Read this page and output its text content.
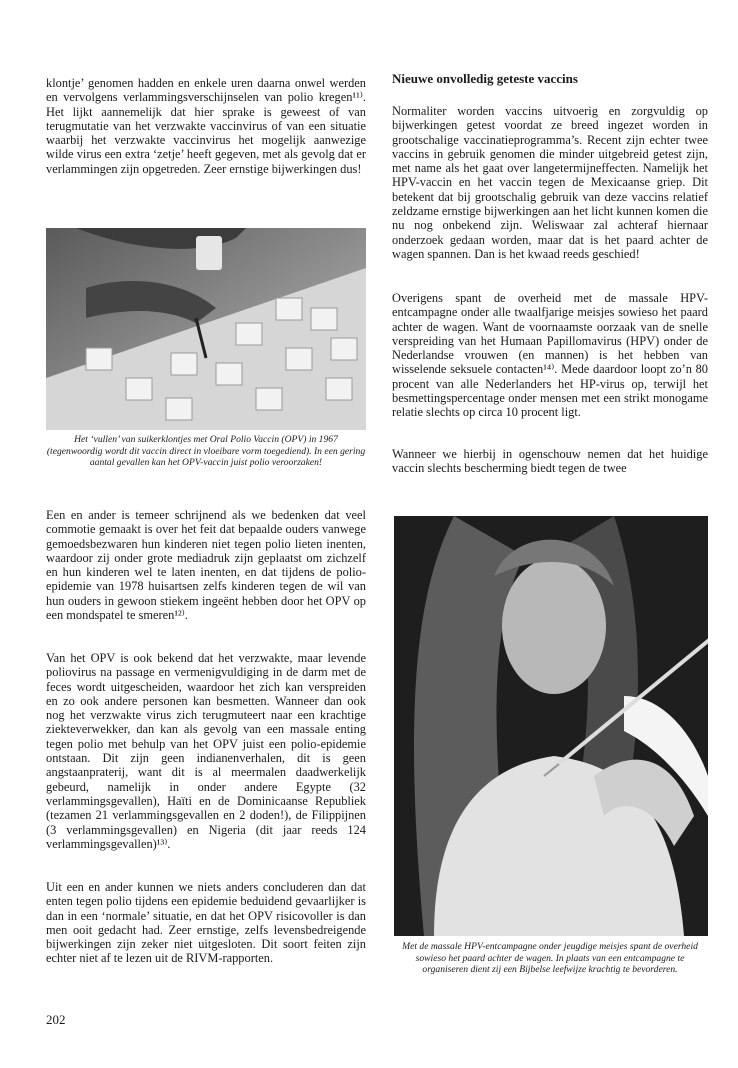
klontje’ genomen hadden en enkele uren daarna onwel werden en vervolgens verlammingsverschijnselen van polio kregen¹¹⁾. Het lijkt aannemelijk dat hier sprake is geweest of van terugmutatie van het verzwakte vaccinvirus of van een situatie waarbij het verzwakte vaccinvirus het mogelijk aanwezige wilde virus een extra ‘zetje’ heeft gegeven, met als gevolg dat er verlammingen zijn opgetreden. Zeer ernstige bijwerkingen dus!

Het ‘vullen’ van suikerklontjes met Oral Polio Vaccin (OPV) in 1967 (tegenwoordig wordt dit vaccin direct in vloeibare vorm toegediend). In een gering aantal gevallen kan het OPV-vaccin juist polio veroorzaken!

Een en ander is temeer schrijnend als we bedenken dat veel commotie gemaakt is over het feit dat bepaalde ouders vanwege gemoedsbezwaren hun kinderen niet tegen polio lieten inenten, waardoor zij onder grote mediadruk zijn geplaatst om zichzelf en hun kinderen wel te laten inenten, en dat tijdens de polio-epidemie van 1978 huisartsen zelfs kinderen tegen de wil van hun ouders in gewoon stiekem ingeënt hebben door het OPV op een mondspatel te smeren¹²⁾.

Van het OPV is ook bekend dat het verzwakte, maar levende poliovirus na passage en vermenigvuldiging in de darm met de feces wordt uitgescheiden, waardoor het zich kan verspreiden en zo ook andere personen kan besmetten. Wanneer dan ook nog het verzwakte virus zich terugmuteert naar een krachtige ziekteverwekker, dan kan als gevolg van een massale enting tegen polio met behulp van het OPV juist een polio-epidemie ontstaan. Dit zijn geen indianenverhalen, dit is geen angstaanpraterij, want dit is al meermalen daadwerkelijk gebeurd, namelijk in onder andere Egypte (32 verlammingsgevallen), Haïti en de Dominicaanse Republiek (tezamen 21 verlammingsgevallen en 2 doden!), de Filippijnen (3 verlammingsgevallen) en Nigeria (dit jaar reeds 124 verlammingsgevallen)¹³⁾.

Uit een en ander kunnen we niets anders concluderen dan dat enten tegen polio tijdens een epidemie beduidend gevaarlijker is dan in een ‘normale’ situatie, en dat het OPV risicovoller is dan men ooit gedacht had. Zeer ernstige, zelfs levensbedreigende bijwerkingen zijn zeker niet uitgesloten. Dit soort feiten zijn echter niet af te lezen uit de RIVM-rapporten.

Nieuwe onvolledig geteste vaccins

Normaliter worden vaccins uitvoerig en zorgvuldig op bijwerkingen getest voordat ze breed ingezet worden in grootschalige vaccinatieprogramma’s. Recent zijn echter twee vaccins in gebruik genomen die minder uitgebreid getest zijn, met name als het gaat over langetermijneffecten. Namelijk het HPV-vaccin en het vaccin tegen de Mexicaanse griep. Dit betekent dat bij grootschalig gebruik van deze vaccins relatief zeldzame ernstige bijwerkingen aan het licht kunnen komen die nu nog onbekend zijn. Weliswaar zal achteraf hiernaar onderzoek gedaan worden, maar dat is het paard achter de wagen spannen. Dan is het kwaad reeds geschied!

Overigens spant de overheid met de massale HPV-entcampagne onder alle twaalfjarige meisjes sowieso het paard achter de wagen. Want de voornaamste oorzaak van de snelle verspreiding van het Humaan Papillomavirus (HPV) onder de Nederlandse vrouwen (en mannen) is het hebben van wisselende seksuele contacten¹⁴⁾. Mede daardoor loopt zo’n 80 procent van alle Nederlanders het HP-virus op, terwijl het besmettingspercentage onder mensen met een strikt monogame relatie slechts op circa 10 procent ligt.

Wanneer we hierbij in ogenschouw nemen dat het huidige vaccin slechts bescherming biedt tegen de twee

Met de massale HPV-entcampagne onder jeugdige meisjes spant de overheid sowieso het paard achter de wagen. In plaats van een entcampagne te organiseren dient zij een Bijbelse leefwijze krachtig te bevorderen.

202
